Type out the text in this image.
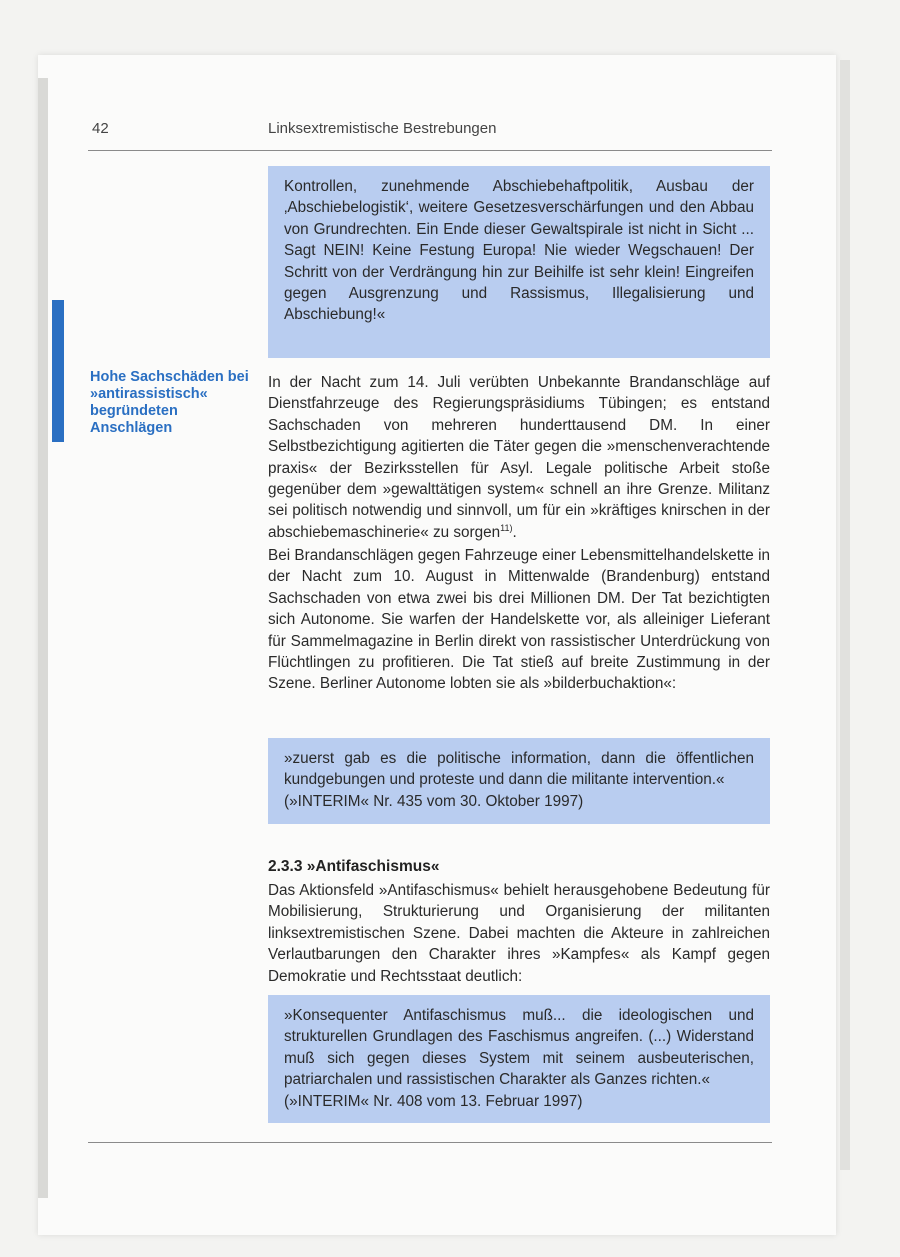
42	Linksextremistische Bestrebungen
Kontrollen, zunehmende Abschiebehaftpolitik, Ausbau der ‚Abschiebelogistik‘, weitere Gesetzesverschärfungen und den Abbau von Grundrechten. Ein Ende dieser Gewaltspirale ist nicht in Sicht ... Sagt NEIN! Keine Festung Europa! Nie wieder Wegschauen! Der Schritt von der Verdrängung hin zur Beihilfe ist sehr klein! Eingreifen gegen Ausgrenzung und Rassismus, Illegalisierung und Abschiebung!«
Hohe Sachschäden bei »antirassistisch« begründeten Anschlägen
In der Nacht zum 14. Juli verübten Unbekannte Brandanschläge auf Dienstfahrzeuge des Regierungspräsidiums Tübingen; es entstand Sachschaden von mehreren hunderttausend DM. In einer Selbstbezichtigung agitierten die Täter gegen die »menschenverachtende praxis« der Bezirksstellen für Asyl. Legale politische Arbeit stoße gegenüber dem »gewalttätigen system« schnell an ihre Grenze. Militanz sei politisch notwendig und sinnvoll, um für ein »kräftiges knirschen in der abschiebemaschinerie« zu sorgen$^{11)}$.
Bei Brandanschlägen gegen Fahrzeuge einer Lebensmittelhandelskette in der Nacht zum 10. August in Mittenwalde (Brandenburg) entstand Sachschaden von etwa zwei bis drei Millionen DM. Der Tat bezichtigten sich Autonome. Sie warfen der Handelskette vor, als alleiniger Lieferant für Sammelmagazine in Berlin direkt von rassistischer Unterdrückung von Flüchtlingen zu profitieren. Die Tat stieß auf breite Zustimmung in der Szene. Berliner Autonome lobten sie als »bilderbuchaktion«:
»zuerst gab es die politische information, dann die öffentlichen kundgebungen und proteste und dann die militante intervention.«
(»INTERIM« Nr. 435 vom 30. Oktober 1997)
2.3.3 »Antifaschismus«
Das Aktionsfeld »Antifaschismus« behielt herausgehobene Bedeutung für Mobilisierung, Strukturierung und Organisierung der militanten linksextremistischen Szene. Dabei machten die Akteure in zahlreichen Verlautbarungen den Charakter ihres »Kampfes« als Kampf gegen Demokratie und Rechtsstaat deutlich:
»Konsequenter Antifaschismus muß... die ideologischen und strukturellen Grundlagen des Faschismus angreifen. (...) Widerstand muß sich gegen dieses System mit seinem ausbeuterischen, patriarchalen und rassistischen Charakter als Ganzes richten.«
(»INTERIM« Nr. 408 vom 13. Februar 1997)
